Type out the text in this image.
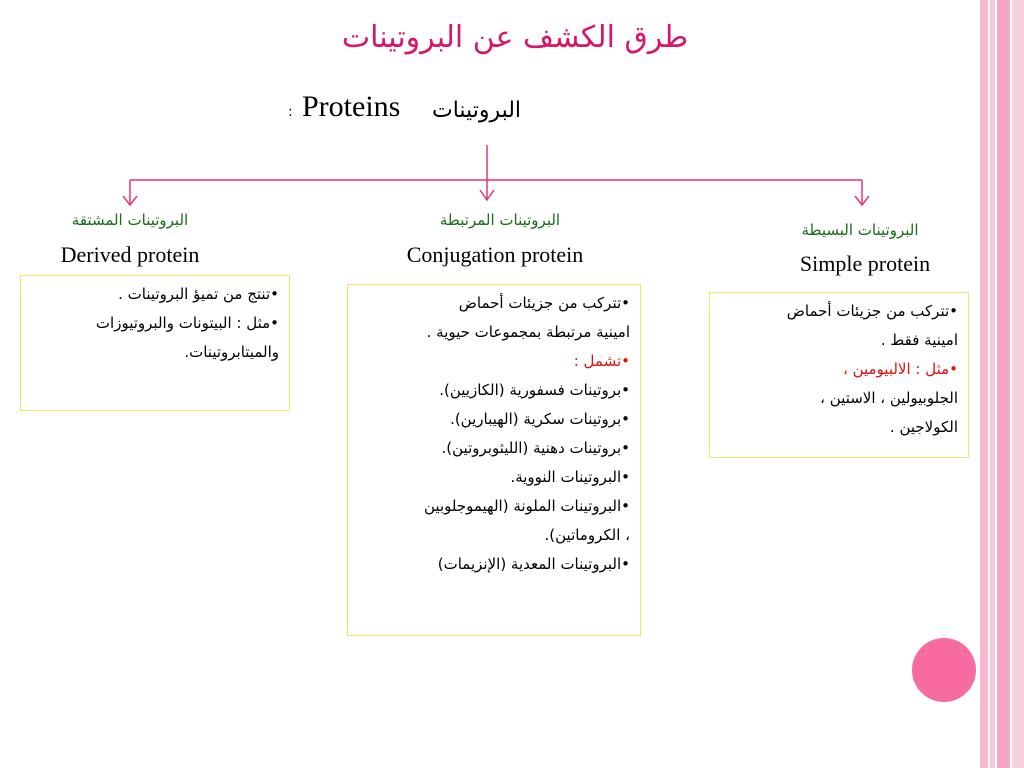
طرق الكشف عن البروتينات
البروتينات
Proteins
:
البروتينات المشتقة
Derived protein
البروتينات المرتبطة
Conjugation protein
البروتينات البسيطة
Simple protein
•تنتج من تميؤ البروتينات .
•مثل : البيتونات والبروتيوزات
والميتابروتينات.
•تتركب من جزيئات أحماض
امينية مرتبطة بمجموعات حيوية .
•تشمل :
•بروتينات فسفورية (الكازيين).
•بروتينات سكرية (الهيبارين).
•بروتينات دهنية (الليثوبروتين).
•البروتينات النووية.
•البروتينات الملونة (الهيموجلوبين
، الكروماتين).
•البروتينات المعدية (الإنزيمات)
•تتركب من جزيئات أحماض
امينية فقط .
•مثل : الالبيومين ،
الجلوبيولين ، الاستين ،
الكولاجين .
